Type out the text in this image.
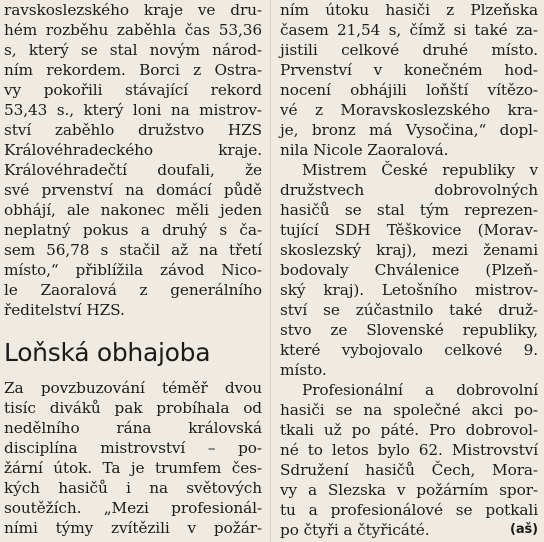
ravskoslezského kraje ve dru-
hém rozběhu zaběhla čas 53,36
s, který se stal novým národ-
ním rekordem. Borci z Ostra-
vy pokořili stávající rekord
53,43 s., který loni na mistrov-
ství zaběhlo družstvo HZS
Královéhradeckého kraje.
Královéhradečtí doufali, že
své prvenství na domácí půdě
obhájí, ale nakonec měli jeden
neplatný pokus a druhý s ča-
sem 56,78 s stačil až na třetí
místo,“ přiblížila závod Nico-
le Zaoralová z generálního
ředitelství HZS.
Loňská obhajoba
Za povzbuzování téměř dvou
tisíc diváků pak probíhala od
nedělního rána královská
disciplína mistrovství – po-
žární útok. Ta je trumfem čes-
kých hasičů i na světových
soutěžích. „Mezi profesionál-
ními týmy zvítězili v požár-
ním útoku hasiči z Plzeňska
časem 21,54 s, čímž si také za-
jistili celkové druhé místo.
Prvenství v konečném hod-
nocení obhájili loňští vítězo-
vé z Moravskoslezského kra-
je, bronz má Vysočina,“ dopl-
nila Nicole Zaoralová.
Mistrem České republiky v
družstvech dobrovolných
hasičů se stal tým reprezen-
tující SDH Těškovice (Morav-
skoslezský kraj), mezi ženami
bodovaly Chválenice (Plzeň-
ský kraj). Letošního mistrov-
ství se zúčastnilo také druž-
stvo ze Slovenské republiky,
které vybojovalo celkové 9.
místo.
Profesionální a dobrovolní
hasiči se na společné akci po-
tkali už po páté. Pro dobrovol-
né to letos bylo 62. Mistrovství
Sdružení hasičů Čech, Mora-
vy a Slezska v požárním spor-
tu a profesionálové se potkali
po čtyři a čtyřicáté.	(aš)
